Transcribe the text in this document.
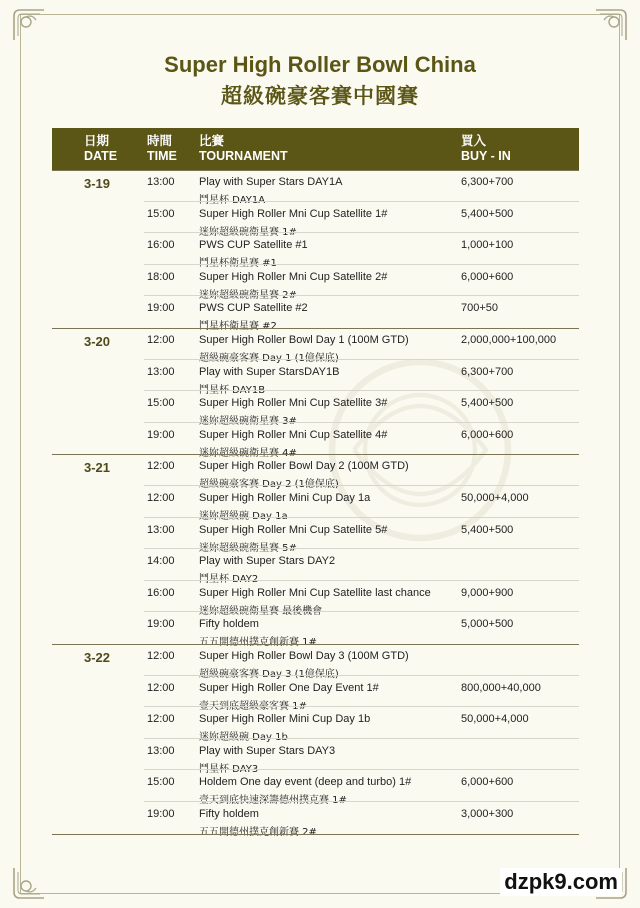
Super High Roller Bowl China
超級碗豪客賽中國賽
日期
DATE
時間
TIME
比賽
TOURNAMENT
買入
BUY - IN
3-19	13:00 Play with Super Stars DAY1A
鬥星杯 DAY1A
6,300+700
15:00 Super High Roller Mni Cup Satellite 1#
迷妳超級碗衛星賽 1#
5,400+500
16:00 PWS CUP Satellite #1
鬥星杯衛星賽 #1
1,000+100
18:00 Super High Roller Mni Cup Satellite 2#
迷妳超級碗衛星賽 2#
6,000+600
19:00 PWS CUP Satellite #2
鬥星杯衛星賽 #2
700+50
3-20	12:00 Super High Roller Bowl Day 1 (100M GTD)
超級碗豪客賽 Day 1 (1億保底)
2,000,000+100,000
13:00 Play with Super StarsDAY1B
鬥星杯 DAY1B
6,300+700
15:00 Super High Roller Mni Cup Satellite 3#
迷妳超級碗衛星賽 3#
5,400+500
19:00 Super High Roller Mni Cup Satellite 4#
迷妳超級碗衛星賽 4#
6,000+600
3-21	12:00 Super High Roller Bowl Day 2 (100M GTD)
超級碗豪客賽 Day 2 (1億保底)
12:00 Super High Roller Mini Cup Day 1a
迷妳超級碗 Day 1a
50,000+4,000
13:00 Super High Roller Mni Cup Satellite 5#
迷妳超級碗衛星賽 5#
5,400+500
14:00 Play with Super Stars DAY2
鬥星杯 DAY2
16:00 Super High Roller Mni Cup Satellite last chance
迷妳超級碗衛星賽 最後機會
9,000+900
19:00 Fifty holdem
五五開德州撲克創新賽 1#
5,000+500
3-22	12:00 Super High Roller Bowl Day 3 (100M GTD)
超級碗豪客賽 Day 3 (1億保底)
12:00 Super High Roller One Day Event 1#
壹天到底超級豪客賽 1#
800,000+40,000
12:00 Super High Roller Mini Cup Day 1b
迷妳超級碗 Day 1b
50,000+4,000
13:00 Play with Super Stars DAY3
鬥星杯 DAY3
15:00 Holdem One day event (deep and turbo) 1#
壹天到底快速深籌德州撲克賽 1#
6,000+600
19:00 Fifty holdem
五五開德州撲克創新賽 2#
3,000+300
dzpk9.com
